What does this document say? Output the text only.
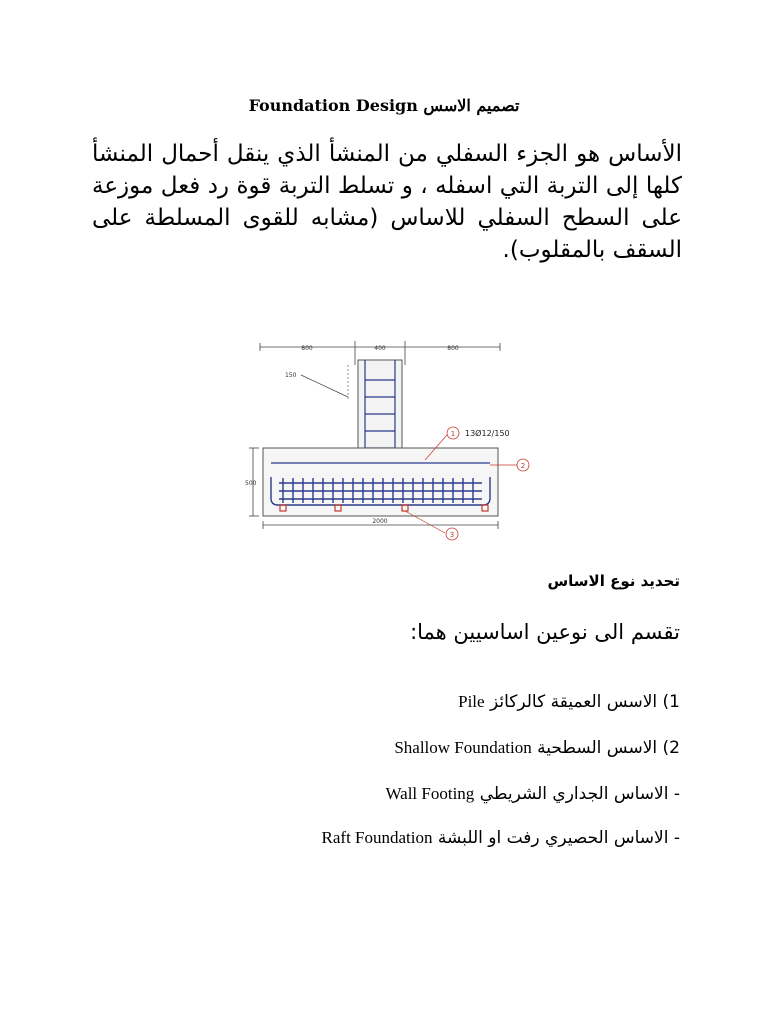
Foundation Design تصميم الاسس
الأساس هو الجزء السفلي من المنشأ الذي ينقل أحمال المنشأ كلها إلى التربة التي اسفله ، و تسلط التربة قوة رد فعل موزعة على السطح السفلي للاساس (مشابه للقوى المسلطة على السقف بالمقلوب).
800	400	800
150
500
2000
1 13Ø12/150
2
3
تحديد نوع الاساس
تقسم الى نوعين اساسيين هما:
1) الاسس العميقة كالركائز Pile
2) الاسس السطحية Shallow Foundation
- الاساس الجداري الشريطي Wall Footing
- الاساس الحصيري رفت او اللبشة Raft Foundation
